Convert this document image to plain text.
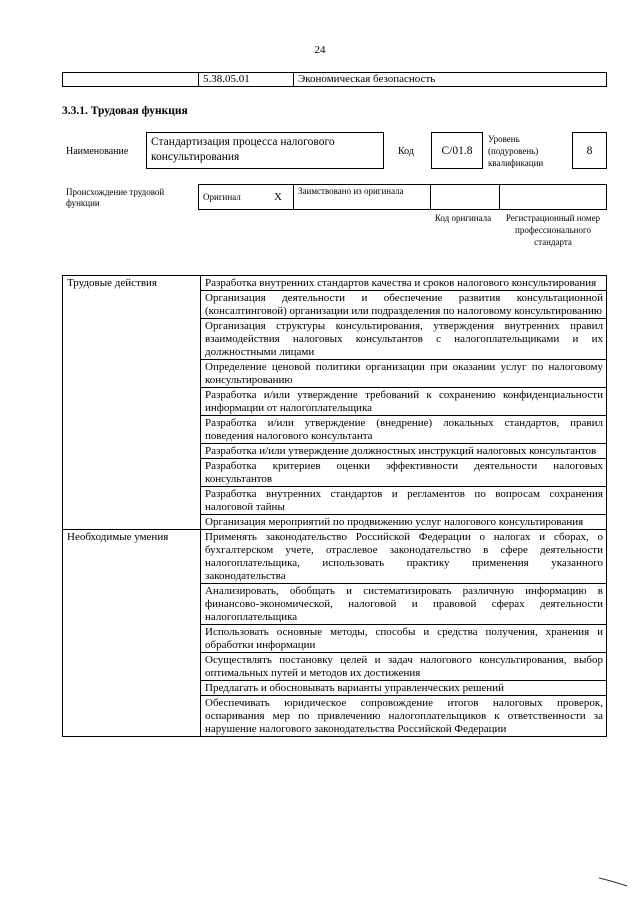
24
	5.38.05.01	Экономическая безопасность
3.3.1. Трудовая функция
Наименование
Стандартизация процесса налогового консультирования	Код	C/01.8
Уровень (подуровень) квалификации
8
Происхождение трудовой функции
Оригинал	X	Заимствовано из оригинала		
Код оригинала	Регистрационный номер профессионального стандарта
Трудовые действия	Разработка внутренних стандартов качества и сроков налогового консультирования
	Организация деятельности и обеспечение развития консультационной (консалтинговой) организации или подразделения по налоговому консультированию
	Организация структуры консультирования, утверждения внутренних правил взаимодействия налоговых консультантов с налогоплательщиками и их должностными лицами
	Определение ценовой политики организации при оказании услуг по налоговому консультированию
	Разработка и/или утверждение требований к сохранению конфиденциальности информации от налогоплательщика
	Разработка и/или утверждение (внедрение) локальных стандартов, правил поведения налогового консультанта
	Разработка и/или утверждение должностных инструкций налоговых консультантов
	Разработка критериев оценки эффективности деятельности налоговых консультантов
	Разработка внутренних стандартов и регламентов по вопросам сохранения налоговой тайны
	Организация мероприятий по продвижению услуг налогового консультирования
Необходимые умения	Применять законодательство Российской Федерации о налогах и сборах, о бухгалтерском учете, отраслевое законодательство в сфере деятельности налогоплательщика, использовать практику применения указанного законодательства
	Анализировать, обобщать и систематизировать различную информацию в финансово-экономической, налоговой и правовой сферах деятельности налогоплательщика
	Использовать основные методы, способы и средства получения, хранения и обработки информации
	Осуществлять постановку целей и задач налогового консультирования, выбор оптимальных путей и методов их достижения
	Предлагать и обосновывать варианты управленческих решений
	Обеспечивать юридическое сопровождение итогов налоговых проверок, оспаривания мер по привлечению налогоплательщиков к ответственности за нарушение налогового законодательства Российской Федерации
